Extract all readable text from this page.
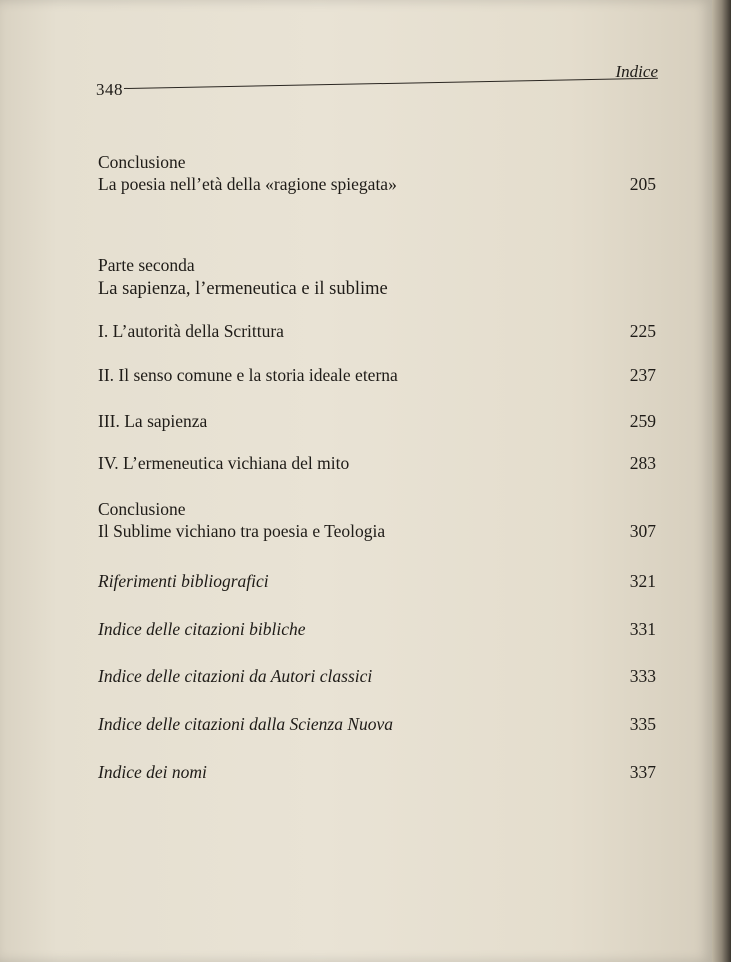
348
Indice
Conclusione
La poesia nell’età della «ragione spiegata»	205
Parte seconda
La sapienza, l’ermeneutica e il sublime
I. L’autorità della Scrittura	225
II. Il senso comune e la storia ideale eterna	237
III. La sapienza	259
IV. L’ermeneutica vichiana del mito	283
Conclusione
Il Sublime vichiano tra poesia e Teologia	307
Riferimenti bibliografici	321
Indice delle citazioni bibliche	331
Indice delle citazioni da Autori classici	333
Indice delle citazioni dalla Scienza Nuova	335
Indice dei nomi	337
